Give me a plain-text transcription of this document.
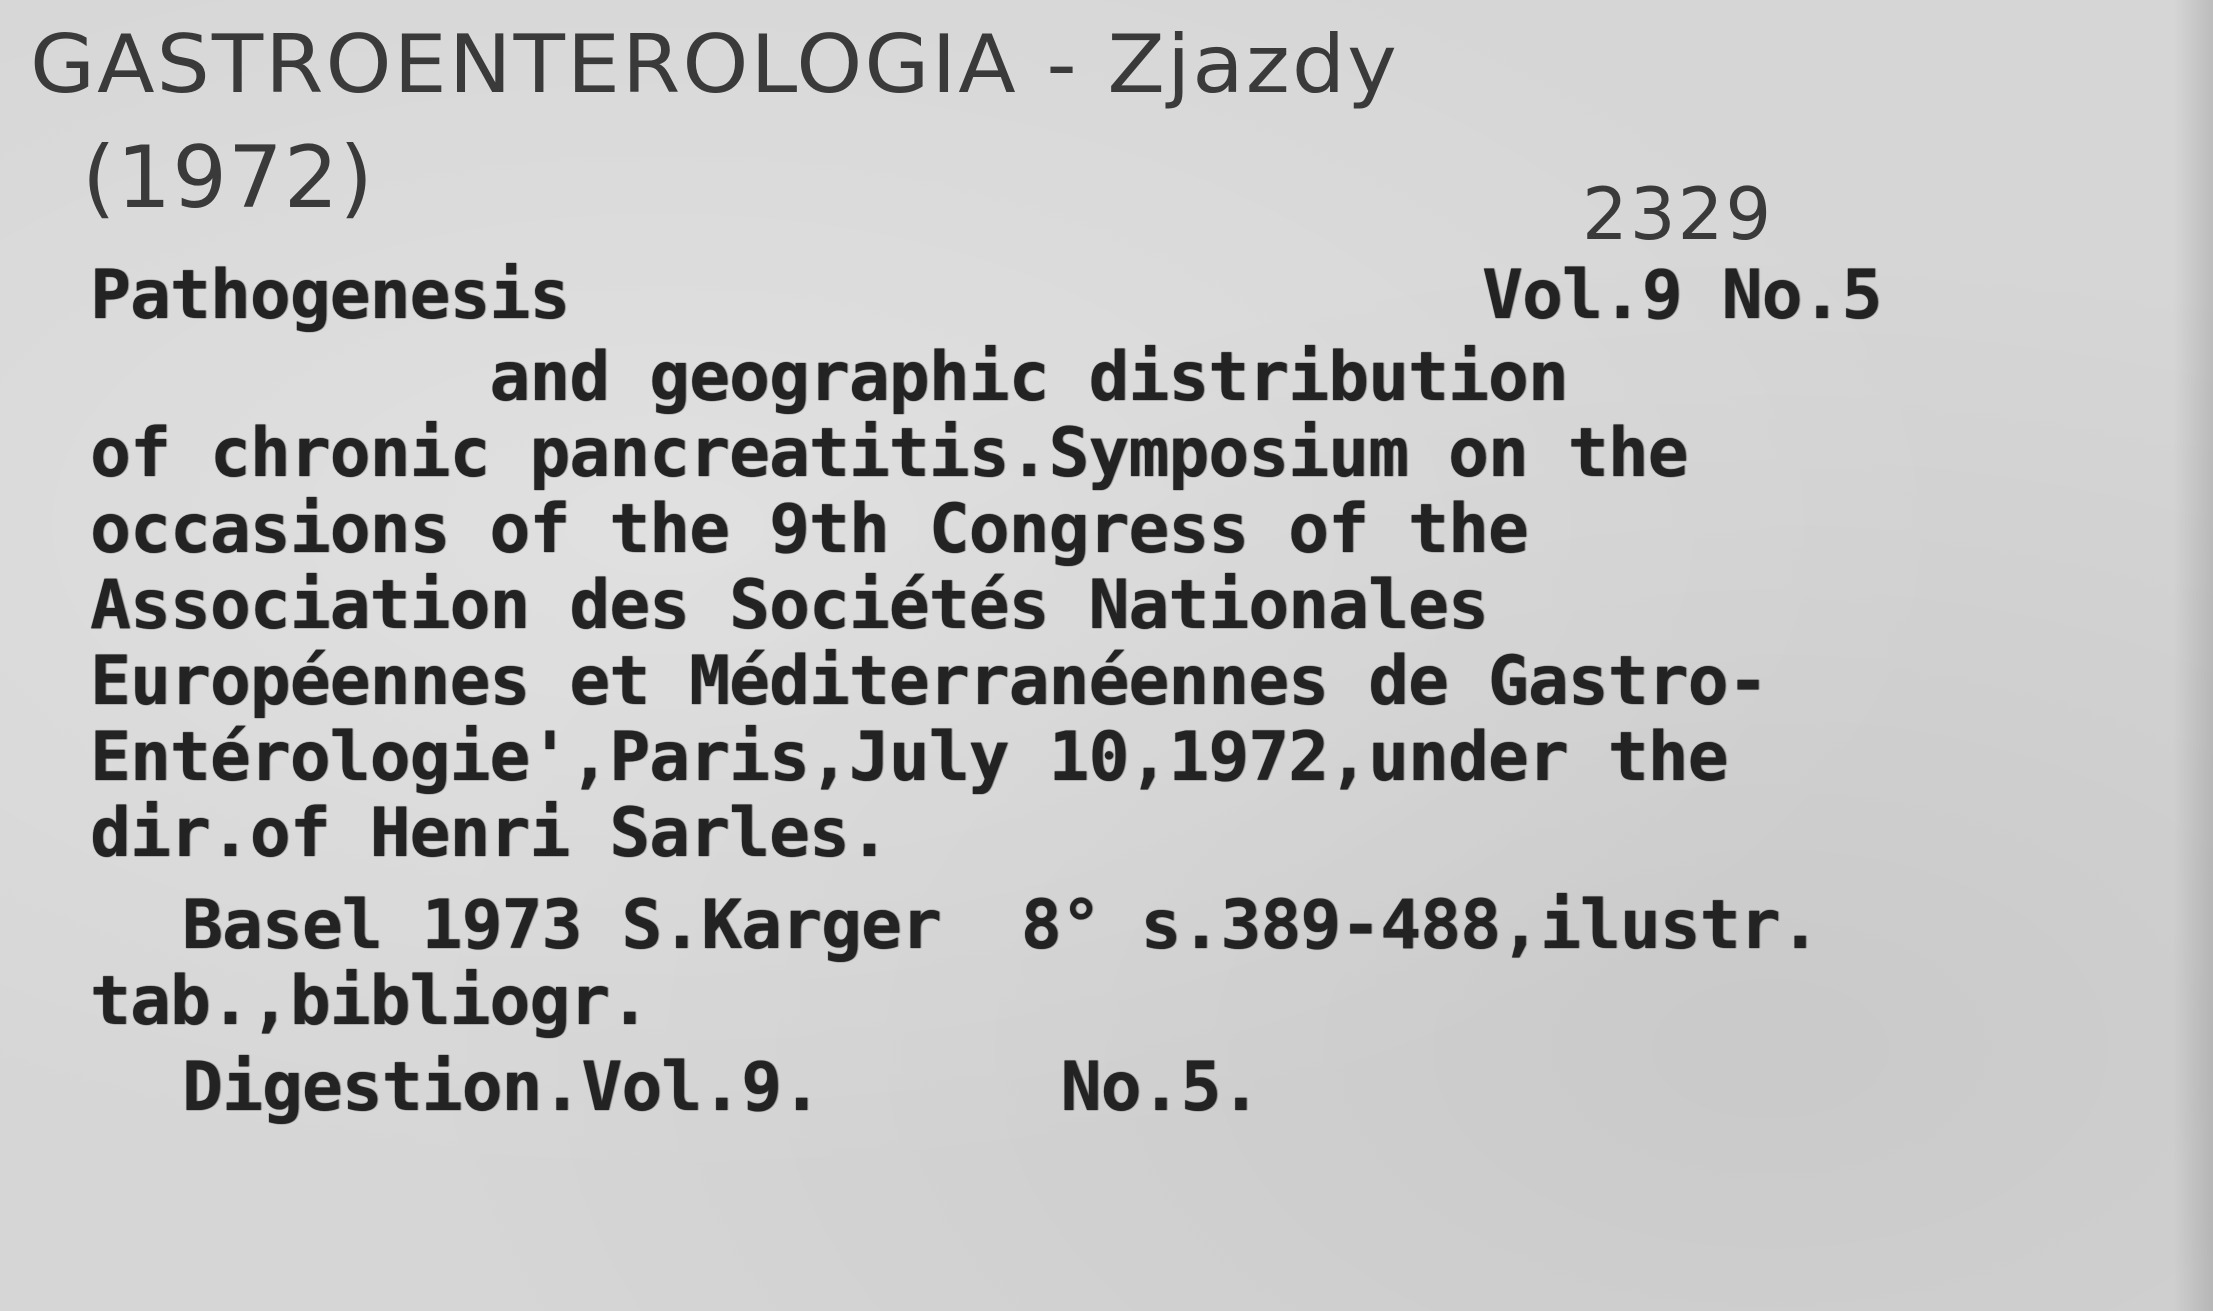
GASTROENTEROLOGIA - Zjazdy
(1972)	2329
Pathogenesis	Vol.9 No.5
and geographic distribution
of chronic pancreatitis.Symposium on the
occasions of the 9th Congress of the
Association des Sociétés Nationales
Européennes et Méditerranéennes de Gastro-
Entérologie',Paris,July 10,1972,under the
dir.of Henri Sarles.
Basel 1973 S.Karger  8° s.389-488,ilustr.
tab.,bibliogr.
Digestion.Vol.9.      No.5.
